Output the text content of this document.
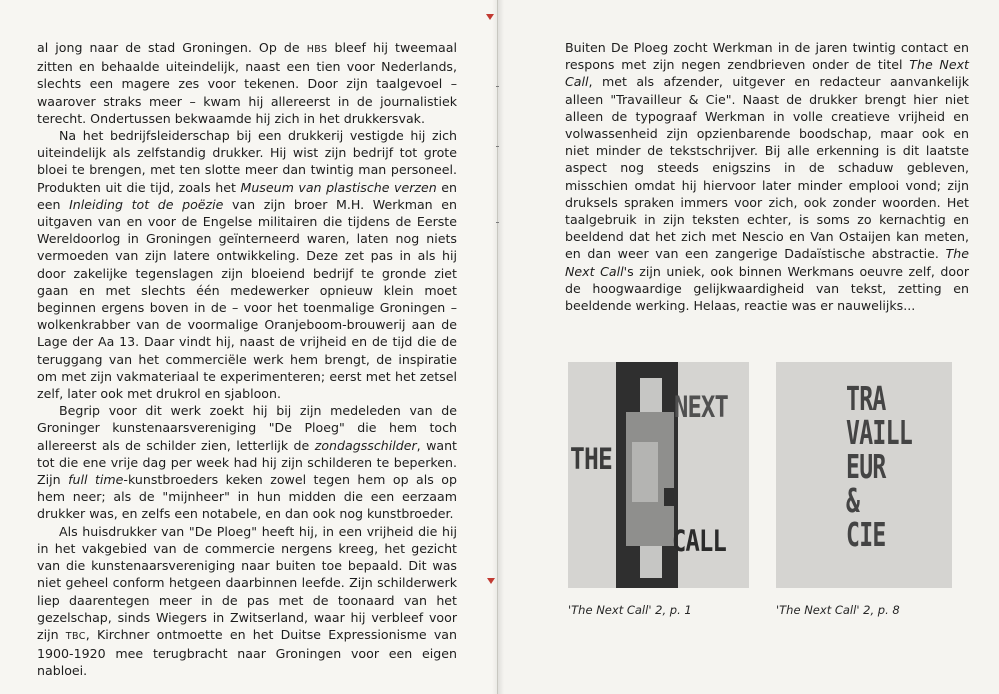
al jong naar de stad Groningen. Op de HBS bleef hij tweemaal zitten en behaalde uiteindelijk, naast een tien voor Nederlands, slechts een magere zes voor tekenen. Door zijn taalgevoel – waarover straks meer – kwam hij allereerst in de journalistiek terecht. Ondertussen bekwaamde hij zich in het drukkersvak.

Na het bedrijfsleiderschap bij een drukkerij vestigde hij zich uiteindelijk als zelfstandig drukker. Hij wist zijn bedrijf tot grote bloei te brengen, met ten slotte meer dan twintig man personeel. Produkten uit die tijd, zoals het Museum van plastische verzen en een Inleiding tot de poëzie van zijn broer M.H. Werkman en uitgaven van en voor de Engelse militairen die tijdens de Eerste Wereldoorlog in Groningen geïnterneerd waren, laten nog niets vermoeden van zijn latere ontwikkeling. Deze zet pas in als hij door zakelijke tegenslagen zijn bloeiend bedrijf te gronde ziet gaan en met slechts één medewerker opnieuw klein moet beginnen ergens boven in de – voor het toenmalige Groningen – wolkenkrabber van de voormalige Oranjeboom-brouwerij aan de Lage der Aa 13. Daar vindt hij, naast de vrijheid en de tijd die de teruggang van het commerciële werk hem brengt, de inspiratie om met zijn vakmateriaal te experimenteren; eerst met het zetsel zelf, later ook met drukrol en sjabloon.

Begrip voor dit werk zoekt hij bij zijn medeleden van de Groninger kunstenaarsvereniging "De Ploeg" die hem toch allereerst als de schilder zien, letterlijk de zondagsschilder, want tot die ene vrije dag per week had hij zijn schilderen te beperken. Zijn full time-kunstbroeders keken zowel tegen hem op als op hem neer; als de "mijnheer" in hun midden die een eerzaam drukker was, en zelfs een notabele, en dan ook nog kunstbroeder.

Als huisdrukker van "De Ploeg" heeft hij, in een vrijheid die hij in het vakgebied van de commercie nergens kreeg, het gezicht van die kunstenaarsvereniging naar buiten toe bepaald. Dit was niet geheel conform hetgeen daarbinnen leefde. Zijn schilderwerk liep daarentegen meer in de pas met de toonaard van het gezelschap, sinds Wiegers in Zwitserland, waar hij verbleef voor zijn TBC, Kirchner ontmoette en het Duitse Expressionisme van 1900-1920 mee terugbracht naar Groningen voor een eigen nabloei.

Buiten De Ploeg zocht Werkman in de jaren twintig contact en respons met zijn negen zendbrieven onder de titel The Next Call, met als afzender, uitgever en redacteur aanvankelijk alleen "Travailleur & Cie". Naast de drukker brengt hier niet alleen de typograaf Werkman in volle creatieve vrijheid en volwassenheid zijn opzienbarende boodschap, maar ook en niet minder de tekstschrijver. Bij alle erkenning is dit laatste aspect nog steeds enigszins in de schaduw gebleven, misschien omdat hij hiervoor later minder emplooi vond; zijn druksels spraken immers voor zich, ook zonder woorden. Het taalgebruik in zijn teksten echter, is soms zo kernachtig en beeldend dat het zich met Nescio en Van Ostaijen kan meten, en dan weer van een zangerige Dadaïstische abstractie. The Next Call's zijn uniek, ook binnen Werkmans oeuvre zelf, door de hoogwaardige gelijkwaardigheid van tekst, zetting en beeldende werking. Helaas, reactie was er nauwelijks...

NEXT
THE
CALL
TRA
VAILL
EUR
&
CIE
'The Next Call' 2, p. 1	'The Next Call' 2, p. 8
